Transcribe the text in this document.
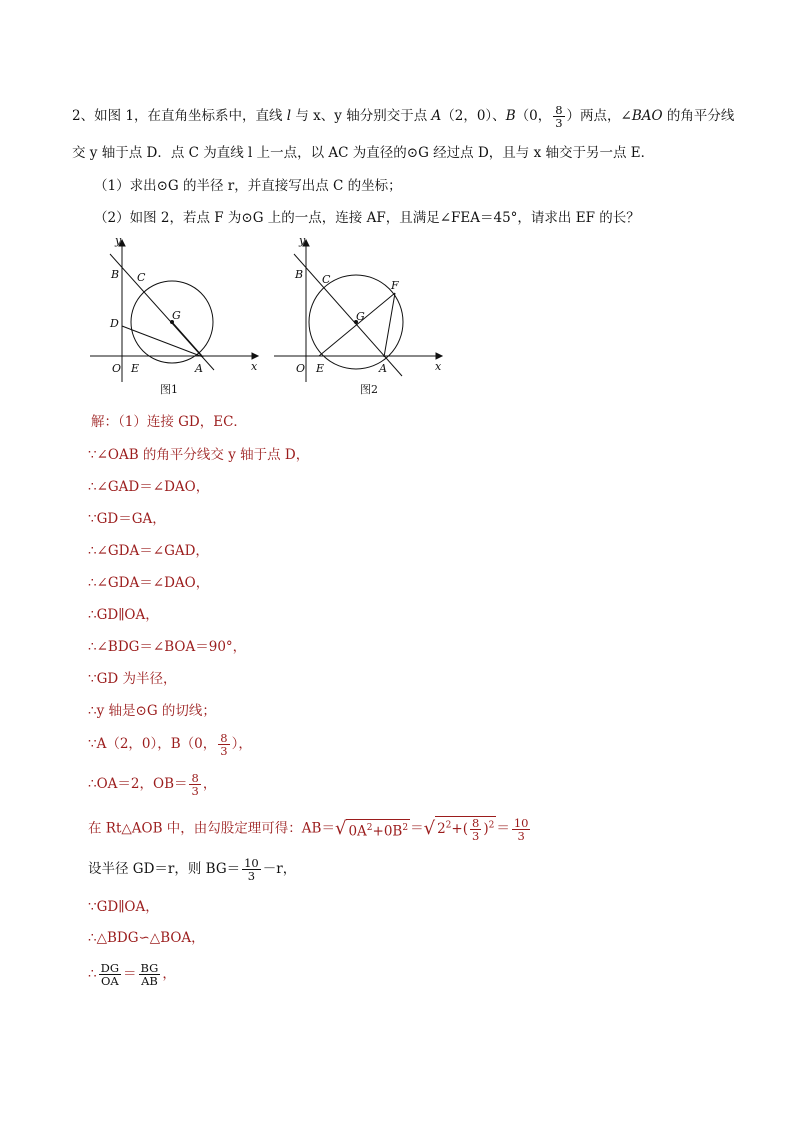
2、如图 1，在直角坐标系中，直线 l 与 x、y 轴分别交于点 A（2，0）、B（0， $\frac{8}{3}$ ）两点，∠BAO 的角平分线
交 y 轴于点 D．点 C 为直线 l 上一点，以 AC 为直径的⊙G 经过点 D，且与 x 轴交于另一点 E．
（1）求出⊙G 的半径 r，并直接写出点 C 的坐标；
（2）如图 2，若点 F 为⊙G 上的一点，连接 AF，且满足∠FEA＝45°，请求出 EF 的长？
y
x
O E	A
B C
D
G
图1
y
x
O E	A
B C
G
F
图2
解：（1）连接 GD，EC．
∵∠OAB 的角平分线交 y 轴于点 D，
∴∠GAD＝∠DAO，
∵GD＝GA，
∴∠GDA＝∠GAD，
∴∠GDA＝∠DAO，
∴GD∥OA，
∴∠BDG＝∠BOA＝90°，
∵GD 为半径，
∴y 轴是⊙G 的切线；
∵A（2，0），B（0， $\frac{8}{3}$ ），
∴OA＝2，$OB= \frac{8}{3}$ ，
在 Rt△AOB 中，由勾股定理可得：AB＝√ $0A^2+0B^2$ ＝√ $2^2+( \frac{8}{3} )^2 = \frac{10}{3}$
设半径 GD＝r，则 $BG= \frac{10}{3} -r$，
∵GD∥OA，
∴△BDG∽△BOA，
∴ $\frac{DG}{OA} = \frac{BG}{AB}$ ，
